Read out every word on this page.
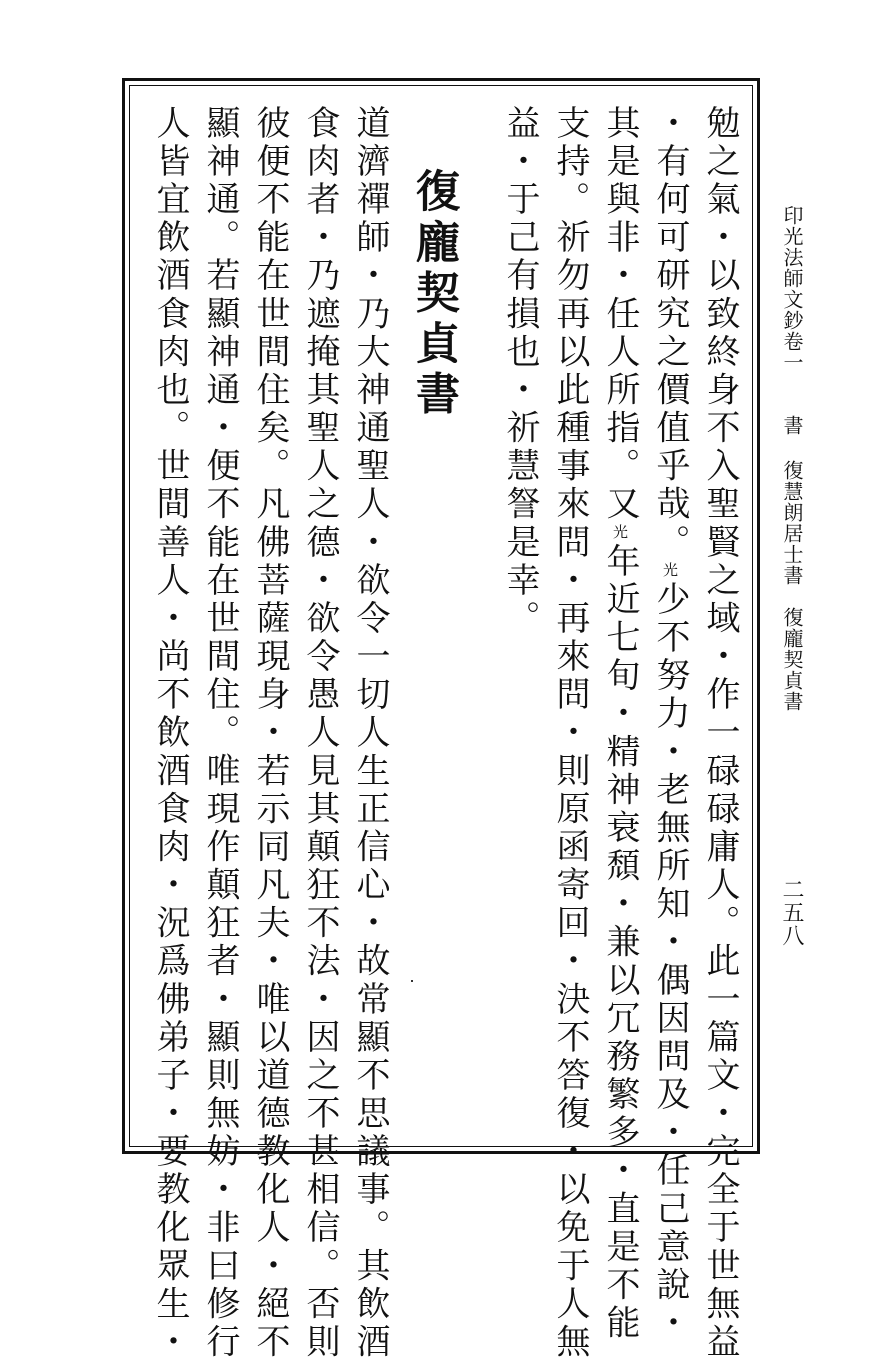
印光法師文鈔卷一
書
復慧朗居士書　復龐契貞書
二五八
勉之氣・以致終身不入聖賢之域・作一碌碌庸人。此一篇文・完全于世無益
・有何可研究之價值乎哉。光少不努力・老無所知・偶因問及・任己意說・
其是與非・任人所指。又光年近七旬・精神衰頹・兼以冗務繁多・直是不能
支持。祈勿再以此種事來問・再來問・則原函寄回・決不答復・以免于人無
益・于己有損也・祈慧詧是幸。
復龐契貞書
道濟禪師・乃大神通聖人・欲令一切人生正信心・故常顯不思議事。其飲酒
食肉者・乃遮掩其聖人之德・欲令愚人見其顛狂不法・因之不甚相信。否則
彼便不能在世間住矣。凡佛菩薩現身・若示同凡夫・唯以道德教化人・絕不
顯神通。若顯神通・便不能在世間住。唯現作顛狂者・顯則無妨・非曰修行
人皆宜飲酒食肉也。世間善人・尚不飲酒食肉・況爲佛弟子・要教化眾生・
